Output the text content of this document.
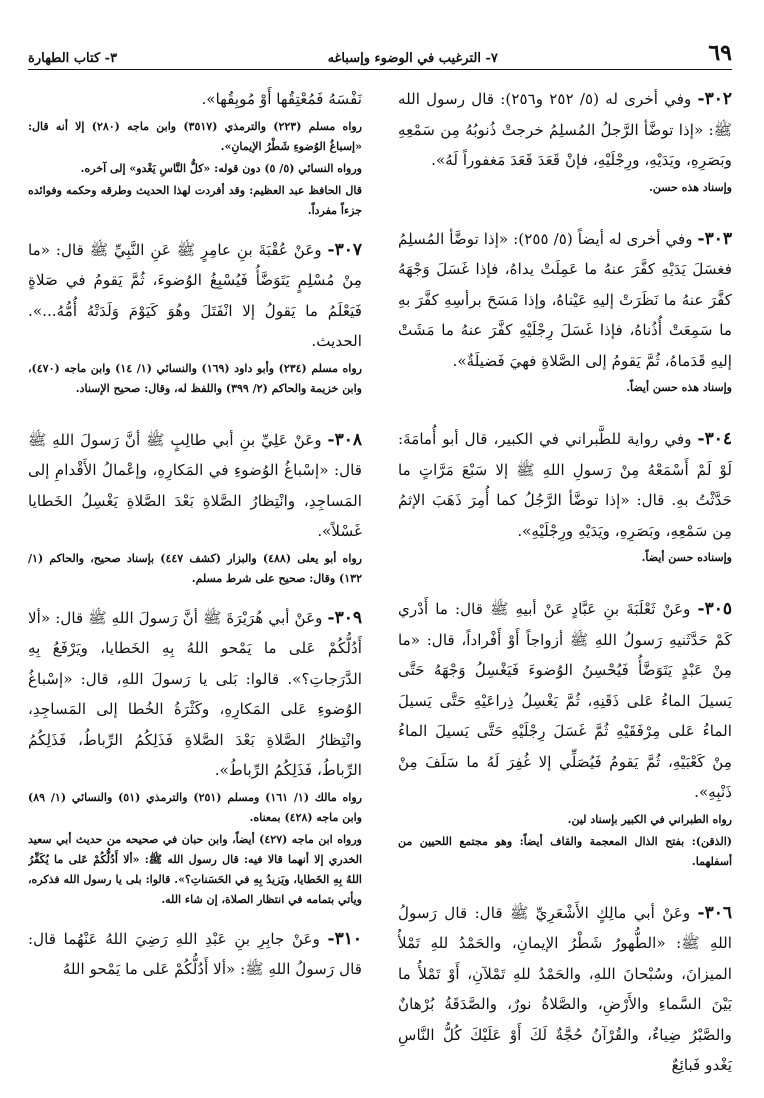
٦٩
٧- الترغيب في الوضوء وإسباغه
٣- كتاب الطهارة

٣٠٢- وفي أخرى له (٥/ ٢٥٢ و٢٥٦): قال رسول الله ﷺ: «إذا توضَّأ الرَّجلُ المُسلِمُ خرجتْ ذُنوبُهُ مِن سَمْعِهِ وبَصَرِهِ، ويَدَيْهِ، ورِجْلَيْهِ، فإنْ قَعَدَ قَعَدَ مَغفوراً لَهُ».

وإسناد هذه حسن.

٣٠٣- وفي أخرى له أيضاً (٥/ ٢٥٥): «إذا توضَّأ المُسلِمُ فغسَلَ يَدَيْهِ كفَّرَ عنهُ ما عَمِلَتْ يداهُ، فإذا غَسَلَ وَجْهَهُ كفَّرَ عنهُ ما نَظَرَتْ إليهِ عَيْناهُ، وإذا مَسَحَ برأسِهِ كفَّرَ بهِ ما سَمِعَتْ أُذُناهُ، فإذا غَسَلَ رِجْلَيْهِ كفَّرَ عنهُ ما مَشَتْ إليهِ قَدَماهُ، ثُمَّ يَقومُ إلى الصَّلاةِ فهيَ فَضيلَةٌ».

وإسناد هذه حسن أيضاً.

٣٠٤- وفي رواية للطَّبراني في الكبير، قال أبو أُمامَةَ: لَوْ لَمْ أَسْمَعْهُ مِنْ رَسولِ اللهِ ﷺ إلا سَبْعَ مَرَّاتٍ ما حَدَّثْتُ بهِ. قال: «إذا توضَّأ الرَّجُلُ كما أُمِرَ ذَهَبَ الإثمُ مِن سَمْعِهِ، وبَصَرِهِ، ويَدَيْهِ ورِجْلَيْهِ».

وإسناده حسن أيضاً.

٣٠٥- وعَنْ ثَعْلَبَةَ بنِ عَبَّادٍ عَنْ أبيهِ ﷺ قال: ما أَدْري كَمْ حَدَّثَنيهِ رَسولُ اللهِ ﷺ أزواجاً أَوْ أَفْراداً، قال: «ما مِنْ عَبْدٍ يَتَوَضَّأُ فَيُحْسِنُ الوُضوءَ فَيَغْسِلُ وَجْهَهُ حَتَّى يَسيلَ الماءُ عَلى ذَقَنِهِ، ثُمَّ يَغْسِلُ ذِراعَيْهِ حَتَّى يَسيلَ الماءُ عَلى مِرْفَقَيْهِ ثُمَّ غَسَلَ رِجْلَيْهِ حَتَّى يَسيلَ الماءُ مِنْ كَعْبَيْهِ، ثُمَّ يَقومُ فَيُصَلِّي إلا غُفِرَ لَهُ ما سَلَفَ مِنْ ذَنْبِهِ».

رواه الطبراني في الكبير بإسناد لين.

(الذقن): بفتح الذال المعجمة والقاف أيضاً: وهو مجتمع اللحيين من أسفلهما.

٣٠٦- وعَنْ أبي مالِكٍ الأَشْعَرِيِّ ﷺ قال: قال رَسولُ اللهِ ﷺ: «الطُّهورُ شَطْرُ الإيمانِ، والحَمْدُ للهِ تَمْلأُ الميزانَ، وسُبْحانَ اللهِ، والحَمْدُ للهِ تَمْلآنِ، أَوْ تَمْلأُ ما بَيْنَ السَّماءِ والأَرْضِ، والصَّلاةُ نورٌ، والصَّدَقَةُ بُرْهانٌ والصَّبْرُ ضِياءٌ، والقُرْآنُ حُجَّةٌ لَكَ أَوْ عَلَيْكَ كُلُّ النَّاسِ يَغْدو فَبائِعٌ

نَفْسَهُ فَمُعْتِقُها أَوْ مُوبِقُها».

رواه مسلم (٢٢٣) والترمذي (٣٥١٧) وابن ماجه (٢٨٠) إلا أنه قال: «إسباغُ الوُضوءِ شَطْرُ الإيمانِ».

ورواه النسائي (٥/ ٥) دون قوله: «كلُّ النَّاسِ يَغْدو» إلى آخره.

قال الحافظ عبد العظيم: وقد أفردت لهذا الحديث وطرقه وحكمه وفوائده جزءاً مفرداً.

٣٠٧- وعَنْ عُقْبَةَ بنِ عامِرٍ ﷺ عَنِ النَّبِيِّ ﷺ قال: «ما مِنْ مُسْلِمٍ يَتَوَضَّأُ فَيُسْبِغُ الوُضوءَ، ثُمَّ يَقومُ في صَلاةٍ فَيَعْلَمُ ما يَقولُ إلا انْفَتَلَ وهُوَ كَيَوْمَ وَلَدَتْهُ أُمُّهُ...». الحديث.

رواه مسلم (٢٣٤) وأبو داود (١٦٩) والنسائي (١/ ١٤) وابن ماجه (٤٧٠)، وابن خزيمة والحاكم (٢/ ٣٩٩) واللفظ له، وقال: صحيح الإسناد.

٣٠٨- وعَنْ عَلِيِّ بنِ أبي طالِبٍ ﷺ أنَّ رَسولَ اللهِ ﷺ قال: «إسْباغُ الوُضوءِ في المَكارِهِ، وإعْمالُ الأَقْدامِ إلى المَساجِدِ، وانْتِظارُ الصَّلاةِ بَعْدَ الصَّلاةِ يَغْسِلُ الخَطايا غَسْلاً».

رواه أبو يعلى (٤٨٨) والبزار (كشف ٤٤٧) بإسناد صحيح، والحاكم (١/ ١٣٢) وقال: صحيح على شرط مسلم.

٣٠٩- وعَنْ أبي هُرَيْرَةَ ﷺ أنَّ رَسولَ اللهِ ﷺ قال: «ألا أَدُلُّكُمْ عَلى ما يَمْحو اللهُ بِهِ الخَطايا، ويَرْفَعُ بِهِ الدَّرَجاتِ؟». قالوا: بَلى يا رَسولَ اللهِ، قال: «إسْباغُ الوُضوءِ عَلى المَكارِهِ، وكَثْرَةُ الخُطا إلى المَساجِدِ، وانْتِظارُ الصَّلاةِ بَعْدَ الصَّلاةِ فَذَلِكُمُ الرِّباطُ، فَذَلِكُمُ الرِّباطُ، فَذَلِكُمُ الرِّباطُ».

رواه مالك (١/ ١٦١) ومسلم (٢٥١) والترمذي (٥١) والنسائي (١/ ٨٩) وابن ماجه (٤٢٨) بمعناه.

ورواه ابن ماجه (٤٢٧) أيضاً، وابن حبان في صحيحه من حديث أبي سعيد الخدري إلا أنهما قالا فيه: قال رسول الله ﷺ: «ألا أَدُلُّكُمْ عَلى ما يُكَفِّرُ اللهُ بِهِ الخَطايا، ويَزيدُ بِهِ في الحَسَناتِ؟». قالوا: بلى يا رسول الله فذكره، ويأتي بتمامه في انتظار الصلاة، إن شاء الله.

٣١٠- وعَنْ جابِرِ بنِ عَبْدِ اللهِ رَضِيَ اللهُ عَنْهُما قال: قال رَسولُ اللهِ ﷺ: «ألا أَدُلُّكُمْ عَلى ما يَمْحو اللهُ
